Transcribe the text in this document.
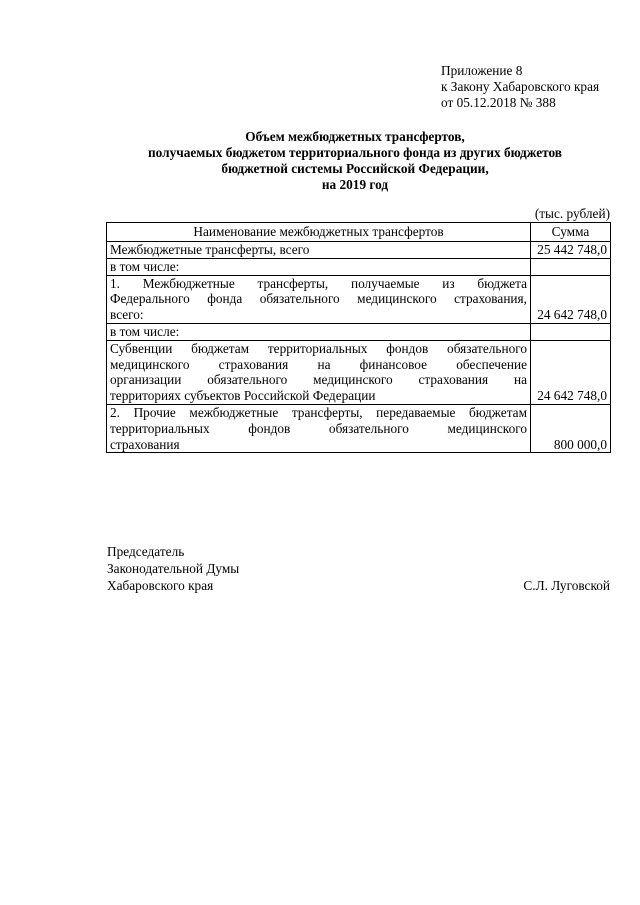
Приложение 8
к Закону Хабаровского края
от 05.12.2018 № 388
Объем межбюджетных трансфертов,
получаемых бюджетом территориального фонда из других бюджетов
бюджетной системы Российской Федерации,
на 2019 год
(тыс. рублей)
Наименование межбюджетных трансфертов	Сумма

Межбюджетные трансферты, всего	25 442 748,0

в том числе:	

1. Межбюджетные трансферты, получаемые из бюджета
Федерального фонда обязательного медицинского страхования,
всего:	24 642 748,0

в том числе:	

Субвенции бюджетам территориальных фондов обязательного
медицинского страхования на финансовое обеспечение
организации обязательного медицинского страхования на
территориях субъектов Российской Федерации	24 642 748,0

2. Прочие межбюджетные трансферты, передаваемые бюджетам
территориальных фондов обязательного медицинского
страхования	800 000,0
Председатель
Законодательной Думы
Хабаровского края	С.Л. Луговской
